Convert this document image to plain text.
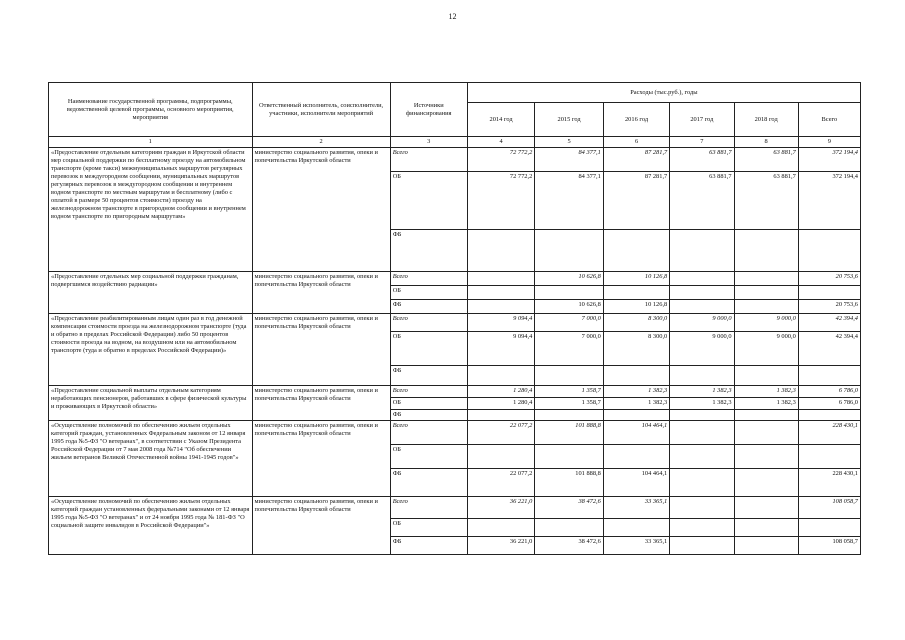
12
Наименование государственной программы, подпрограммы, ведомственной целевой программы, основного мероприятия, мероприятия	Ответственный исполнитель, соисполнители, участники, исполнители мероприятий	Источники финансирования	Расходы (тыс.руб.), годы					
			2014 год	2015 год	2016 год	2017 год	2018 год	Всего
1	2	3	4	5	6	7	8	9
«Предоставление отдельным категориям граждан в Иркутской области мер социальной поддержки по бесплатному проезду на автомобильном транспорте (кроме такси) межмуниципальных маршрутов регулярных перевозок в междугородном сообщении, муниципальных маршрутов регулярных перевозок в междугородном сообщении и внутреннем водном транспорте по местным маршрутам и бесплатному (либо с оплатой в размере 50 процентов стоимости) проезду на железнодорожном транспорте в пригородном сообщении и внутреннем водном транспорте по пригородным маршрутам»	министерство социального развития, опеки и попечительства Иркутской области	Всего	72 772,2	84 377,1	87 281,7	63 881,7	63 881,7	372 194,4
		ОБ	72 772,2	84 377,1	87 281,7	63 881,7	63 881,7	372 194,4
		ФБ						
«Предоставление отдельных мер социальной поддержки гражданам, подвергшимся воздействию радиации»	министерство социального развития, опеки и попечительства Иркутской области	Всего		10 626,8	10 126,8			20 753,6
		ОБ						
		ФБ		10 626,8	10 126,8			20 753,6
«Предоставление реабилитированным лицам один раз в год денежной компенсации стоимости проезда на железнодорожном транспорте (туда и обратно в пределах Российской Федерации) либо 50 процентов стоимости проезда на водном, на воздушном или на автомобильном транспорте (туда и обратно в пределах Российской Федерации)»	министерство социального развития, опеки и попечительства Иркутской области	Всего	9 094,4	7 000,0	8 300,0	9 000,0	9 000,0	42 394,4
		ОБ	9 094,4	7 000,0	8 300,0	9 000,0	9 000,0	42 394,4
		ФБ						
«Предоставление социальной выплаты отдельным категориям неработающих пенсионеров, работавших в сфере физической культуры и проживающих в Иркутской области»	министерство социального развития, опеки и попечительства Иркутской области	Всего	1 280,4	1 358,7	1 382,3	1 382,3	1 382,3	6 786,0
		ОБ	1 280,4	1 358,7	1 382,3	1 382,3	1 382,3	6 786,0
		ФБ						
«Осуществление полномочий по обеспечению жильем отдельных категорий граждан, установленных Федеральным законом от 12 января 1995 года №5-ФЗ "О ветеранах", в соответствии с Указом Президента Российской Федерации от 7 мая 2008 года №714 "Об обеспечении жильем ветеранов Великой Отечественной войны 1941-1945 годов"»	министерство социального развития, опеки и попечительства Иркутской области	Всего	22 077,2	101 888,8	104 464,1			228 430,1
		ОБ						
		ФБ	22 077,2	101 888,8	104 464,1			228 430,1
«Осуществление полномочий по обеспечению жильем отдельных категорий граждан установленных федеральными законами от 12 января 1995 года №5-ФЗ "О ветеранах" и от 24 ноября 1995 года № 181-ФЗ "О социальной защите инвалидов в Российской Федерации"»	министерство социального развития, опеки и попечительства Иркутской области	Всего	36 221,0	38 472,6	33 365,1			108 058,7
		ОБ						
		ФБ	36 221,0	38 472,6	33 365,1			108 058,7
